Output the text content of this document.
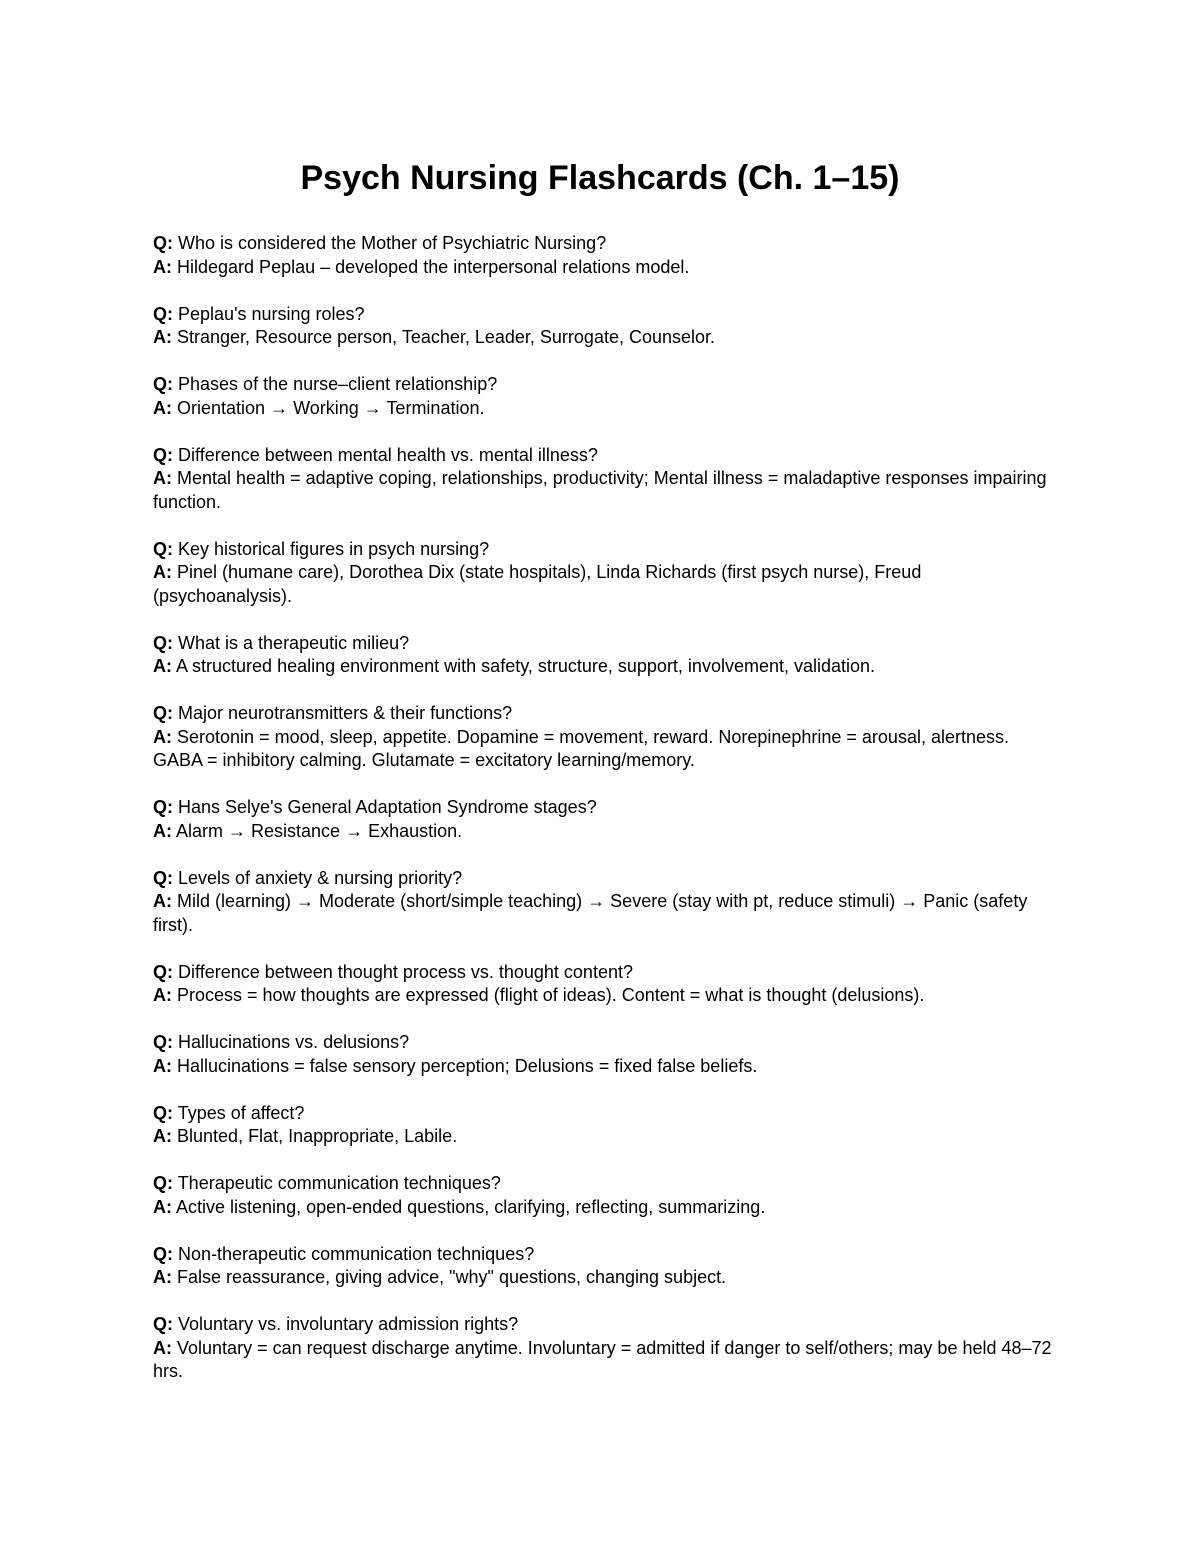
Psych Nursing Flashcards (Ch. 1–15)

Q: Who is considered the Mother of Psychiatric Nursing?

A: Hildegard Peplau – developed the interpersonal relations model.

Q: Peplau's nursing roles?

A: Stranger, Resource person, Teacher, Leader, Surrogate, Counselor.

Q: Phases of the nurse–client relationship?

A: Orientation → Working → Termination.

Q: Difference between mental health vs. mental illness?

A: Mental health = adaptive coping, relationships, productivity; Mental illness = maladaptive responses impairing function.

Q: Key historical figures in psych nursing?

A: Pinel (humane care), Dorothea Dix (state hospitals), Linda Richards (first psych nurse), Freud (psychoanalysis).

Q: What is a therapeutic milieu?

A: A structured healing environment with safety, structure, support, involvement, validation.

Q: Major neurotransmitters & their functions?

A: Serotonin = mood, sleep, appetite. Dopamine = movement, reward. Norepinephrine = arousal, alertness. GABA = inhibitory calming. Glutamate = excitatory learning/memory.

Q: Hans Selye's General Adaptation Syndrome stages?

A: Alarm → Resistance → Exhaustion.

Q: Levels of anxiety & nursing priority?

A: Mild (learning) → Moderate (short/simple teaching) → Severe (stay with pt, reduce stimuli) → Panic (safety first).

Q: Difference between thought process vs. thought content?

A: Process = how thoughts are expressed (flight of ideas). Content = what is thought (delusions).

Q: Hallucinations vs. delusions?

A: Hallucinations = false sensory perception; Delusions = fixed false beliefs.

Q: Types of affect?

A: Blunted, Flat, Inappropriate, Labile.

Q: Therapeutic communication techniques?

A: Active listening, open-ended questions, clarifying, reflecting, summarizing.

Q: Non-therapeutic communication techniques?

A: False reassurance, giving advice, "why" questions, changing subject.

Q: Voluntary vs. involuntary admission rights?

A: Voluntary = can request discharge anytime. Involuntary = admitted if danger to self/others; may be held 48–72 hrs.
